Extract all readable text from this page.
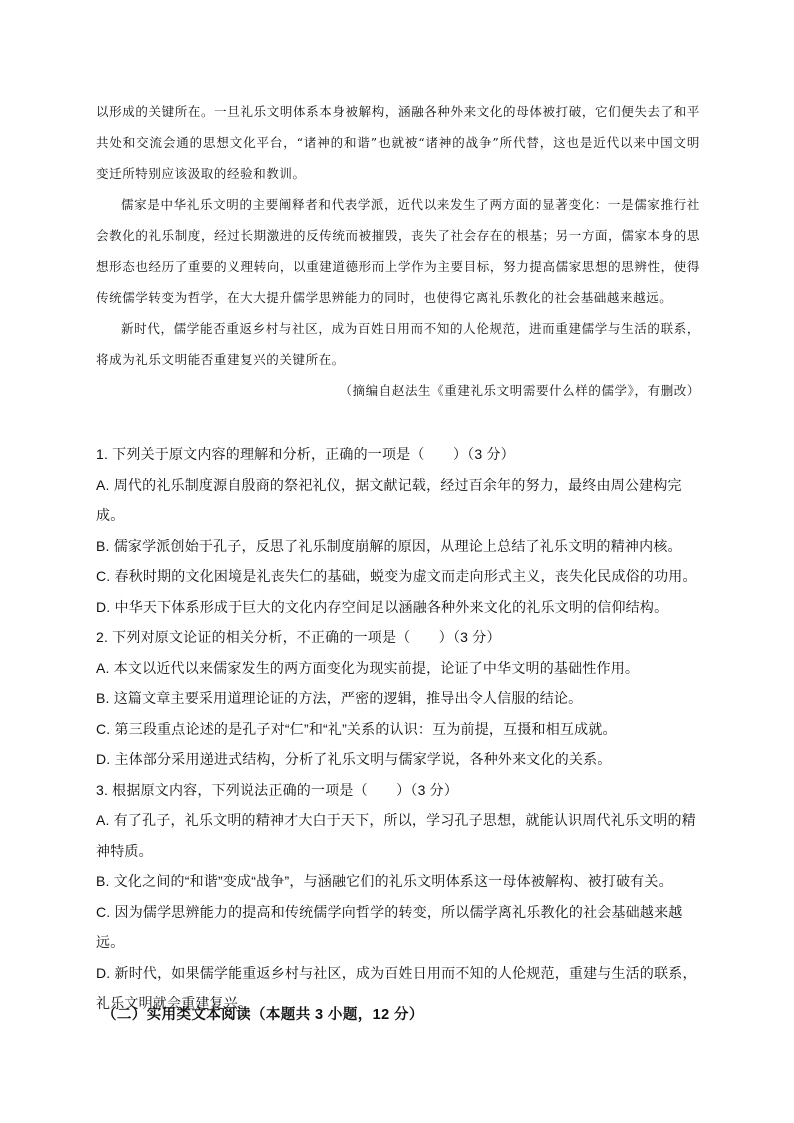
以形成的关键所在。一旦礼乐文明体系本身被解构，涵融各种外来文化的母体被打破，它们便失去了和平共处和交流会通的思想文化平台，“诸神的和谐”也就被“诸神的战争”所代替，这也是近代以来中国文明变迁所特别应该汲取的经验和教训。

儒家是中华礼乐文明的主要阐释者和代表学派，近代以来发生了两方面的显著变化：一是儒家推行社会教化的礼乐制度，经过长期激进的反传统而被摧毁，丧失了社会存在的根基；另一方面，儒家本身的思想形态也经历了重要的义理转向，以重建道德形而上学作为主要目标，努力提高儒家思想的思辨性，使得传统儒学转变为哲学，在大大提升儒学思辨能力的同时，也使得它离礼乐教化的社会基础越来越远。

新时代，儒学能否重返乡村与社区，成为百姓日用而不知的人伦规范，进而重建儒学与生活的联系，将成为礼乐文明能否重建复兴的关键所在。

（摘编自赵法生《重建礼乐文明需要什么样的儒学》，有删改）

1. 下列关于原文内容的理解和分析，正确的一项是（　　）（3 分）

A. 周代的礼乐制度源自殷商的祭祀礼仪，据文献记载，经过百余年的努力，最终由周公建构完成。

B. 儒家学派创始于孔子，反思了礼乐制度崩解的原因，从理论上总结了礼乐文明的精神内核。

C. 春秋时期的文化困境是礼丧失仁的基础，蜕变为虚文而走向形式主义，丧失化民成俗的功用。

D. 中华天下体系形成于巨大的文化内存空间足以涵融各种外来文化的礼乐文明的信仰结构。

2. 下列对原文论证的相关分析，不正确的一项是（　　）（3 分）

A. 本文以近代以来儒家发生的两方面变化为现实前提，论证了中华文明的基础性作用。

B. 这篇文章主要采用道理论证的方法，严密的逻辑，推导出令人信服的结论。

C. 第三段重点论述的是孔子对“仁”和“礼”关系的认识：互为前提，互摄和相互成就。

D. 主体部分采用递进式结构，分析了礼乐文明与儒家学说，各种外来文化的关系。

3. 根据原文内容，下列说法正确的一项是（　　）（3 分）

A. 有了孔子，礼乐文明的精神才大白于天下，所以，学习孔子思想，就能认识周代礼乐文明的精神特质。

B. 文化之间的“和谐”变成“战争”，与涵融它们的礼乐文明体系这一母体被解构、被打破有关。

C. 因为儒学思辨能力的提高和传统儒学向哲学的转变，所以儒学离礼乐教化的社会基础越来越远。

D. 新时代，如果儒学能重返乡村与社区，成为百姓日用而不知的人伦规范，重建与生活的联系，礼乐文明就会重建复兴。

（二）实用类文本阅读（本题共 3 小题，12 分）
